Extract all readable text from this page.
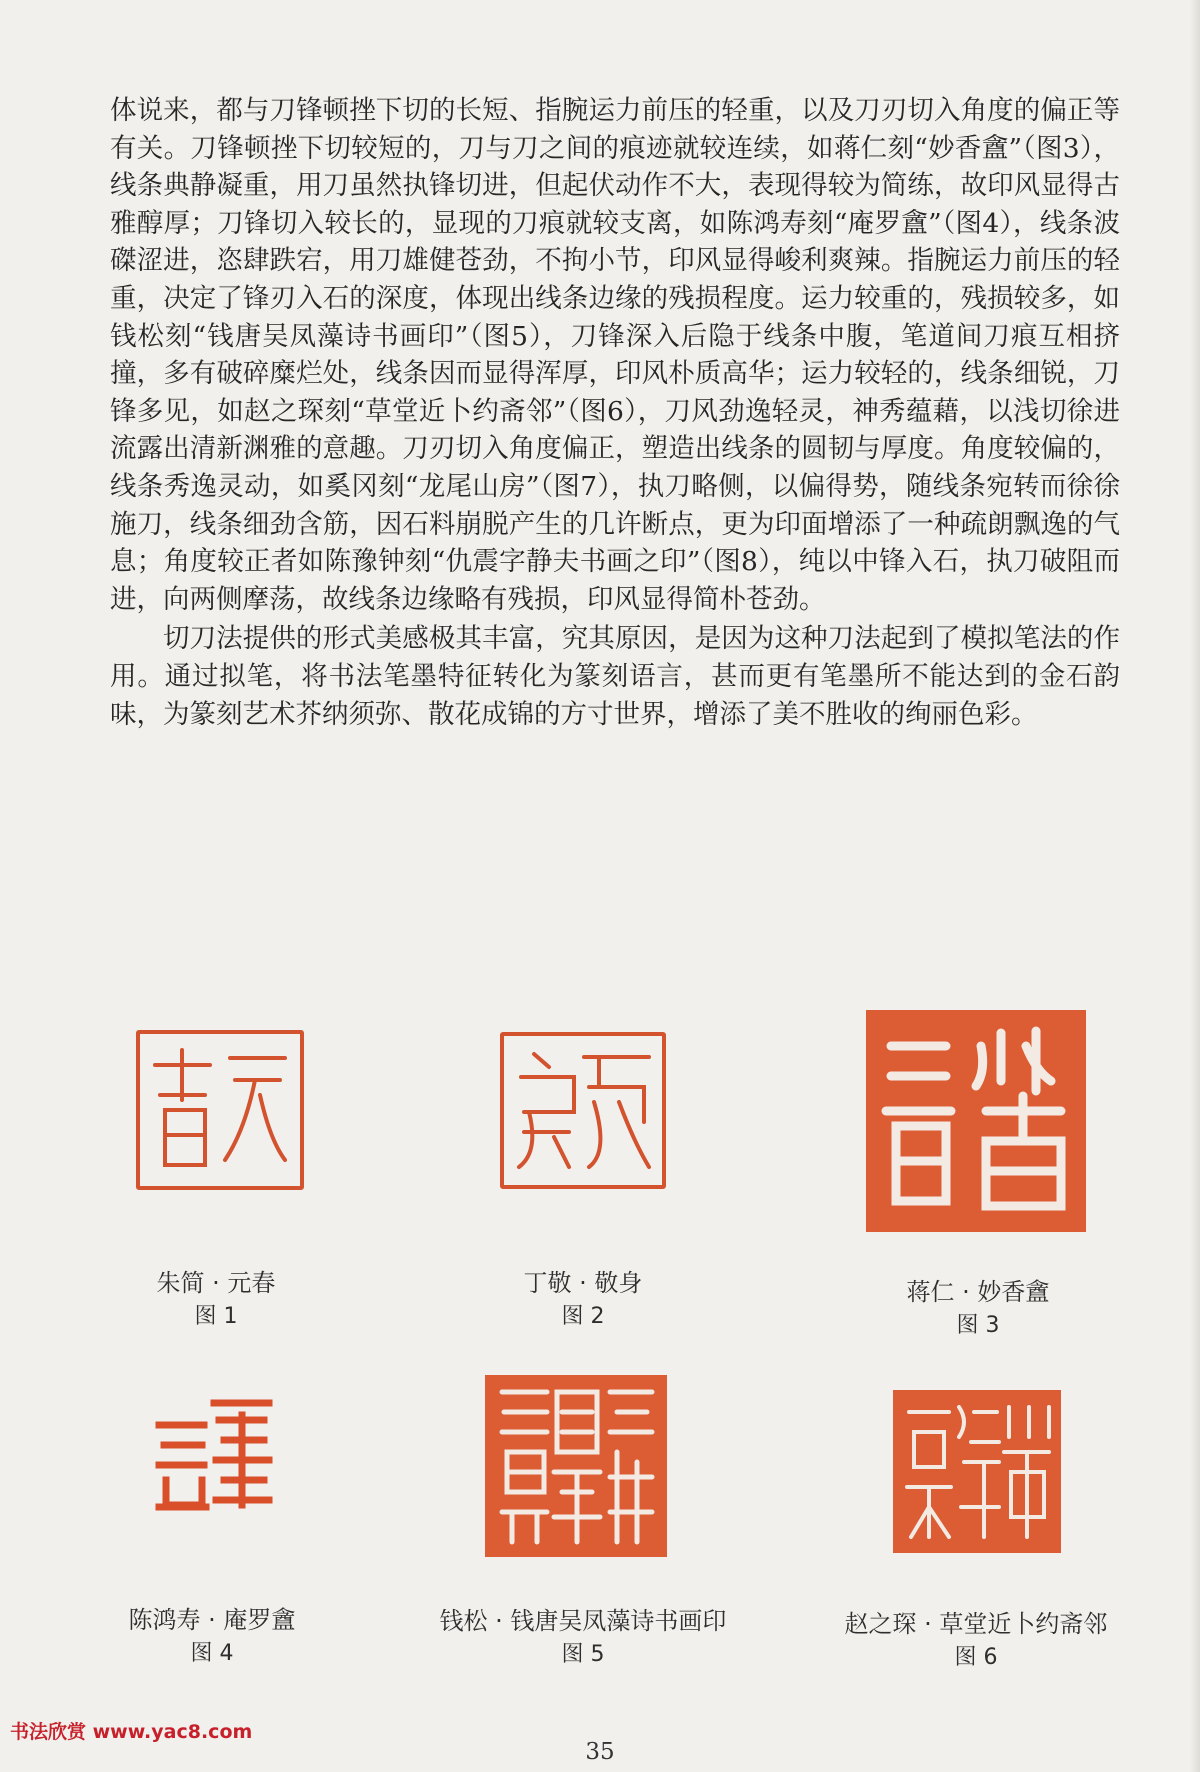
体说来，都与刀锋顿挫下切的长短、指腕运力前压的轻重，以及刀刃切入角度的偏正等有关。刀锋顿挫下切较短的，刀与刀之间的痕迹就较连续，如蒋仁刻“妙香盦”（图3），线条典静凝重，用刀虽然执锋切进，但起伏动作不大，表现得较为简练，故印风显得古雅醇厚；刀锋切入较长的，显现的刀痕就较支离，如陈鸿寿刻“庵罗盦”（图4），线条波磔涩进，恣肆跌宕，用刀雄健苍劲，不拘小节，印风显得峻利爽辣。指腕运力前压的轻重，决定了锋刃入石的深度，体现出线条边缘的残损程度。运力较重的，残损较多，如钱松刻“钱唐吴凤藻诗书画印”（图5），刀锋深入后隐于线条中腹，笔道间刀痕互相挤撞，多有破碎糜烂处，线条因而显得浑厚，印风朴质高华；运力较轻的，线条细锐，刀锋多见，如赵之琛刻“草堂近卜约斋邻”（图6），刀风劲逸轻灵，神秀蕴藉，以浅切徐进流露出清新渊雅的意趣。刀刃切入角度偏正，塑造出线条的圆韧与厚度。角度较偏的，线条秀逸灵动，如奚冈刻“龙尾山房”（图7），执刀略侧，以偏得势，随线条宛转而徐徐施刀，线条细劲含筋，因石料崩脱产生的几许断点，更为印面增添了一种疏朗飘逸的气息；角度较正者如陈豫钟刻“仇震字静夫书画之印”（图8），纯以中锋入石，执刀破阻而进，向两侧摩荡，故线条边缘略有残损，印风显得简朴苍劲。

切刀法提供的形式美感极其丰富，究其原因，是因为这种刀法起到了模拟笔法的作用。通过拟笔，将书法笔墨特征转化为篆刻语言，甚而更有笔墨所不能达到的金石韵味，为篆刻艺术芥纳须弥、散花成锦的方寸世界，增添了美不胜收的绚丽色彩。

朱简 · 元春
图 1
丁敬 · 敬身
图 2
蒋仁 · 妙香盦
图 3
陈鸿寿 · 庵罗盦
图 4
钱松 · 钱唐吴凤藻诗书画印
图 5
赵之琛 · 草堂近卜约斋邻
图 6
书法欣赏 www.yac8.com
35
